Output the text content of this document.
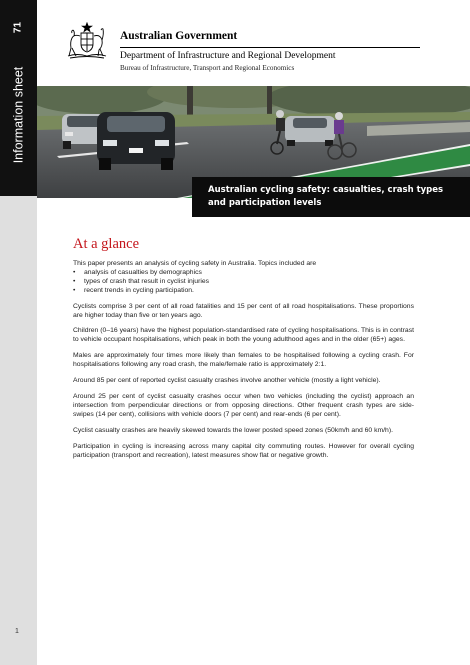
71
Information sheet
1
Australian Government
Department of Infrastructure and Regional Development
Bureau of Infrastructure, Transport and Regional Economics
Australian cycling safety: casualties, crash types and participation levels
At a glance

This paper presents an analysis of cycling safety in Australia. Topics included are

• analysis of casualties by demographics
• types of crash that result in cyclist injuries
• recent trends in cycling participation.

Cyclists comprise 3 per cent of all road fatalities and 15 per cent of all road hospitalisations. These proportions are higher today than five or ten years ago.

Children (0–16 years) have the highest population-standardised rate of cycling hospitalisations. This is in contrast to vehicle occupant hospitalisations, which peak in both the young adulthood ages and in the older (65+) ages.

Males are approximately four times more likely than females to be hospitalised following a cycling crash. For hospitalisations following any road crash, the male/female ratio is approximately 2:1.

Around 85 per cent of reported cyclist casualty crashes involve another vehicle (mostly a light vehicle).

Around 25 per cent of cyclist casualty crashes occur when two vehicles (including the cyclist) approach an intersection from perpendicular directions or from opposing directions. Other frequent crash types are side-swipes (14 per cent), collisions with vehicle doors (7 per cent) and rear-ends (6 per cent).

Cyclist casualty crashes are heavily skewed towards the lower posted speed zones (50km/h and 60 km/h).

Participation in cycling is increasing across many capital city commuting routes. However for overall cycling participation (transport and recreation), latest measures show flat or negative growth.
